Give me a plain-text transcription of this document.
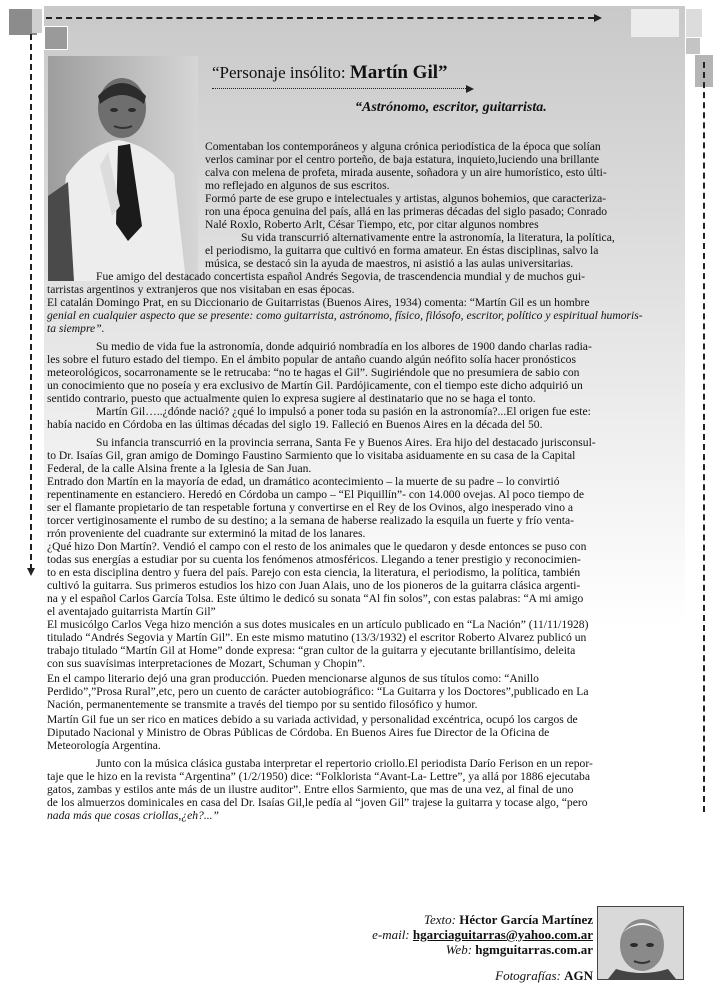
“Personaje insólito: Martín Gil”
“Astrónomo, escritor, guitarrista.
Comentaban los contemporáneos y alguna crónica periodística de la época que solían
verlos caminar por el centro porteño, de baja estatura, inquieto,luciendo una brillante
calva con melena de profeta, mirada ausente, soñadora y un aire humorístico, esto últi-
mo reflejado en algunos de sus escritos.
Formó parte de ese grupo e intelectuales y artistas, algunos bohemios, que caracteriza-
ron una época genuina del país, allá en las primeras décadas del siglo pasado; Conrado
Nalé Roxlo, Roberto Arlt, César Tiempo, etc, por citar algunos nombres
Su vida transcurrió alternativamente entre la astronomía, la literatura, la política,
el periodismo, la guitarra que cultivó en forma amateur. En éstas disciplinas, salvo la
música, se destacó sin la ayuda de maestros, ni asistió a las aulas universitarias.
Fue amigo del destacado concertista español Andrés Segovia, de trascendencia mundial y de muchos gui-
tarristas argentinos y extranjeros que nos visitaban en esas épocas.
El catalán Domingo Prat, en su Diccionario de Guitarristas (Buenos Aires, 1934) comenta: “Martín Gil es un hombre
genial en cualquier aspecto que se presente: como guitarrista, astrónomo, físico, filósofo, escritor, político y espiritual humoris-
ta siempre”.
Su medio de vida fue la astronomía, donde adquirió nombradía en los albores de 1900 dando charlas radia-
les sobre el futuro estado del tiempo. En el ámbito popular de antaño cuando algún neófito solía hacer pronósticos
meteorológicos, socarronamente se le retrucaba: “no te hagas el Gil”. Sugiriéndole que no presumiera de sabio con
un conocimiento que no poseía y era exclusivo de Martín Gil. Pardójicamente, con el tiempo este dicho adquirió un
sentido contrario, puesto que actualmente quien lo expresa sugiere al destinatario que no se haga el tonto.
Martín Gil…..¿dónde nació? ¿qué lo impulsó a poner toda su pasión en la astronomía?...El origen fue este:
había nacido en Córdoba en las últimas décadas del siglo 19. Falleció en Buenos Aires en la década del 50.
Su infancia transcurrió en la provincia serrana, Santa Fe y Buenos Aires. Era hijo del destacado jurisconsul-
to Dr. Isaías Gil, gran amigo de Domingo Faustino Sarmiento que lo visitaba asiduamente en su casa de la Capital
Federal, de la calle Alsina frente a la Iglesia de San Juan.
Entrado don Martín en la mayoría de edad, un dramático acontecimiento – la muerte de su padre – lo convirtió
repentinamente en estanciero. Heredó en Córdoba un campo – “El Piquillín”- con 14.000 ovejas. Al poco tiempo de
ser el flamante propietario de tan respetable fortuna y convertirse en el Rey de los Ovinos, algo inesperado vino a
torcer vertiginosamente el rumbo de su destino; a la semana de haberse realizado la esquila un fuerte y frío venta-
rrón proveniente del cuadrante sur exterminó la mitad de los lanares.
¿Qué hizo Don Martín?. Vendió el campo con el resto de los animales que le quedaron y desde entonces se puso con
todas sus energías a estudiar por su cuenta los fenómenos atmosféricos. Llegando a tener prestigio y reconocimien-
to en esta disciplina dentro y fuera del país. Parejo con esta ciencia, la literatura, el periodismo, la política, también
cultivó la guitarra. Sus primeros estudios los hizo con Juan Alais, uno de los pioneros de la guitarra clásica argenti-
na y el español Carlos García Tolsa. Este último le dedicó su sonata “Al fin solos”, con estas palabras: “A mi amigo
el aventajado guitarrista Martín Gil”
El musicólgo Carlos Vega hizo mención a sus dotes musicales en un artículo publicado en “La Nación” (11/11/1928)
titulado “Andrés Segovia y Martín Gil”. En este mismo matutino (13/3/1932) el escritor Roberto Alvarez publicó un
trabajo titulado “Martín Gil at Home” donde expresa: “gran cultor de la guitarra y ejecutante brillantísimo, deleita
con sus suavísimas interpretaciones de Mozart, Schuman y Chopin”.
En el campo literario dejó una gran producción. Pueden mencionarse algunos de sus títulos como: “Anillo
Perdido”,”Prosa Rural”,etc, pero un cuento de carácter autobiográfico: “La Guitarra y los Doctores”,publicado en La
Nación, permanentemente se transmite a través del tiempo por su sentido filosófico y humor.
Martín Gil fue un ser rico en matices debido a su variada actividad, y personalidad excéntrica, ocupó los cargos de
Diputado Nacional y Ministro de Obras Públicas de Córdoba. En Buenos Aires fue Director de la Oficina de
Meteorología Argentina.
Junto con la música clásica gustaba interpretar el repertorio criollo.El periodista Darío Ferison en un repor-
taje que le hizo en la revista “Argentina” (1/2/1950) dice: “Folklorista “Avant-La- Lettre”, ya allá por 1886 ejecutaba
gatos, zambas y estilos ante más de un ilustre auditor”. Entre ellos Sarmiento, que mas de una vez, al final de uno
de los almuerzos dominicales en casa del Dr. Isaías Gil,le pedía al “joven Gil” trajese la guitarra y tocase algo, “pero
nada más que cosas criollas,¿eh?...”
Texto: Héctor García Martínez
e-mail: hgarciaguitarras@yahoo.com.ar
Web: hgmguitarras.com.ar
Fotografías: AGN
